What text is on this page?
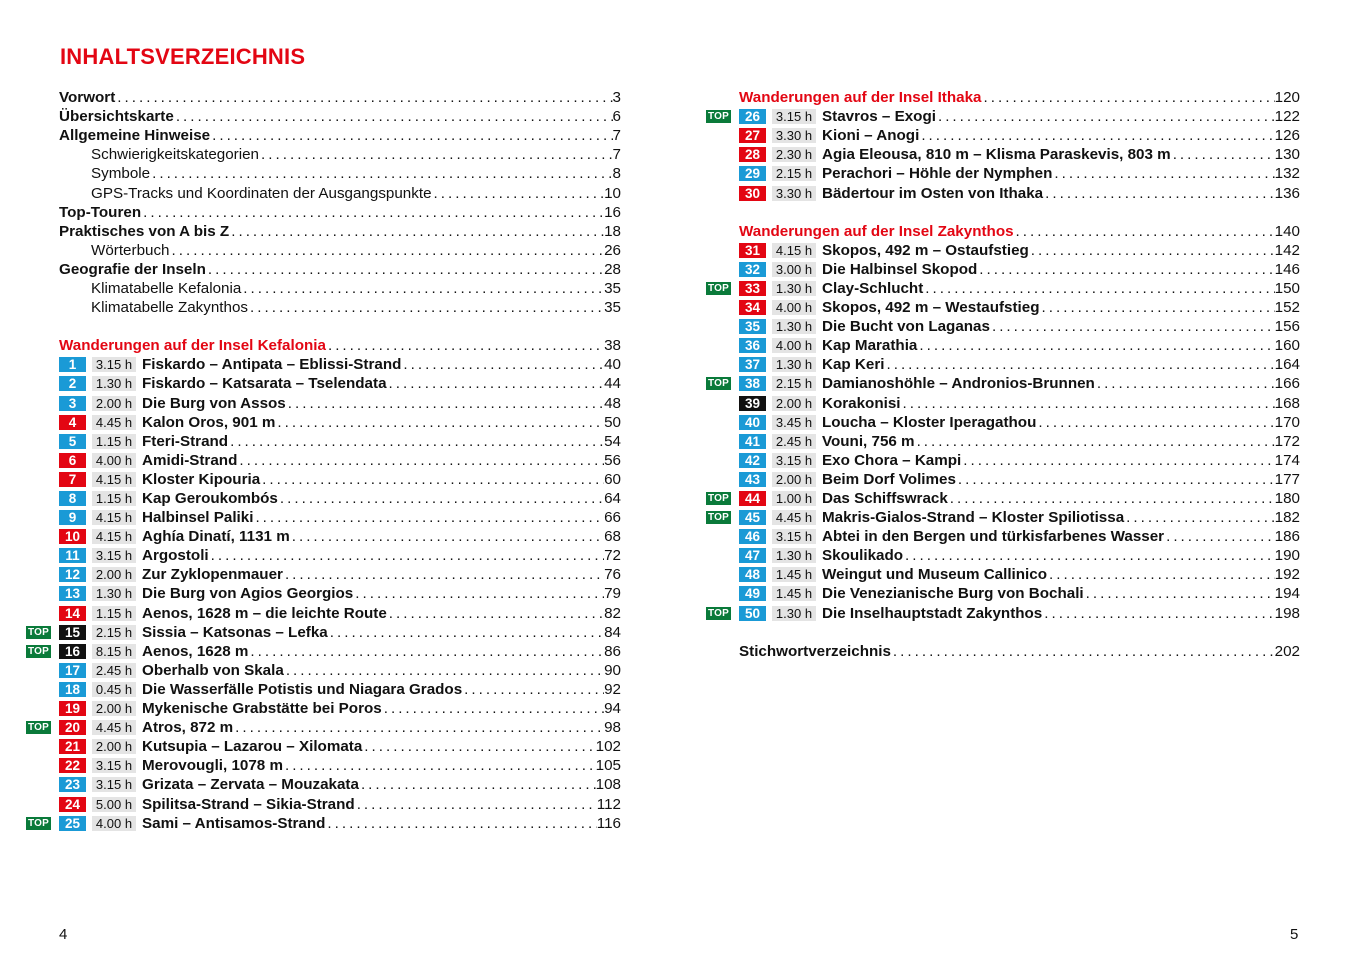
INHALTSVERZEICHNIS
Vorwort . . .	3
Übersichtskarte . . .	6
Allgemeine Hinweise . . .	7
Schwierigkeitskategorien . . .	7
Symbole . . .	8
GPS-Tracks und Koordinaten der Ausgangspunkte . . .	10
Top-Touren . . .	16
Praktisches von A bis Z . . .	18
Wörterbuch . . .	26
Geografie der Inseln . . .	28
Klimatabelle Kefalonia . . .	35
Klimatabelle Zakynthos . . .	35
Wanderungen auf der Insel Kefalonia . . .	38
1	3.15 h Fiskardo – Antipata – Eblissi-Strand . . .	40
2	1.30 h Fiskardo – Katsarata – Tselendata . . .	44
3	2.00 h Die Burg von Assos . . .	48
4	4.45 h Kalon Oros, 901 m . . .	50
5	1.15 h Fteri-Strand . . .	54
6	4.00 h Amidi-Strand . . .	56
7	4.15 h Kloster Kipouria . . .	60
8	1.15 h Kap Geroukombós . . .	64
9	4.15 h Halbinsel Paliki . . .	66
10	4.15 h Aghía Dinatí, 1131 m . . .	68
11	3.15 h Argostoli . . .	72
12	2.00 h Zur Zyklopenmauer . . .	76
13	1.30 h Die Burg von Agios Georgios . . .	79
14	1.15 h Aenos, 1628 m – die leichte Route . . .	82
TOP	15	2.15 h Sissia – Katsonas – Lefka . . .	84
TOP	16	8.15 h Aenos, 1628 m . . .	86
17	2.45 h Oberhalb von Skala . . .	90
18	0.45 h Die Wasserfälle Potistis und Niagara Grados . . .	92
19	2.00 h Mykenische Grabstätte bei Poros . . .	94
TOP	20	4.45 h Atros, 872 m . . .	98
21	2.00 h Kutsupia – Lazarou – Xilomata . . .	102
22	3.15 h Merovougli, 1078 m . . .	105
23	3.15 h Grizata – Zervata – Mouzakata . . .	108
24	5.00 h Spilitsa-Strand – Sikia-Strand . . .	112
TOP	25	4.00 h Sami – Antisamos-Strand . . .	116
4
Wanderungen auf der Insel Ithaka . . .	120
TOP	26	3.15 h Stavros – Exogi . . .	122
27	3.30 h Kioni – Anogi . . .	126
28	2.30 h Agia Eleousa, 810 m – Klisma Paraskevis, 803 m . . .	130
29	2.15 h Perachori – Höhle der Nymphen . . .	132
30	3.30 h Bädertour im Osten von Ithaka . . .	136
Wanderungen auf der Insel Zakynthos . . .	140
31	4.15 h Skopos, 492 m – Ostaufstieg . . .	142
32	3.00 h Die Halbinsel Skopod . . .	146
TOP	33	1.30 h Clay-Schlucht . . .	150
34	4.00 h Skopos, 492 m – Westaufstieg . . .	152
35	1.30 h Die Bucht von Laganas . . .	156
36	4.00 h Kap Marathia . . .	160
37	1.30 h Kap Keri . . .	164
TOP	38	2.15 h Damianoshöhle – Andronios-Brunnen . . .	166
39	2.00 h Korakonisi . . .	168
40	3.45 h Loucha – Kloster Iperagathou . . .	170
41	2.45 h Vouni, 756 m . . .	172
42	3.15 h Exo Chora – Kampi . . .	174
43	2.00 h Beim Dorf Volimes . . .	177
TOP	44	1.00 h Das Schiffswrack . . .	180
TOP	45	4.45 h Makris-Gialos-Strand – Kloster Spiliotissa . . .	182
46	3.15 h Abtei in den Bergen und türkisfarbenes Wasser . . .	186
47	1.30 h Skoulikado . . .	190
48	1.45 h Weingut und Museum Callinico . . .	192
49	1.45 h Die Venezianische Burg von Bochali . . .	194
TOP	50	1.30 h Die Inselhauptstadt Zakynthos . . .	198
Stichwortverzeichnis . . .	202
5
